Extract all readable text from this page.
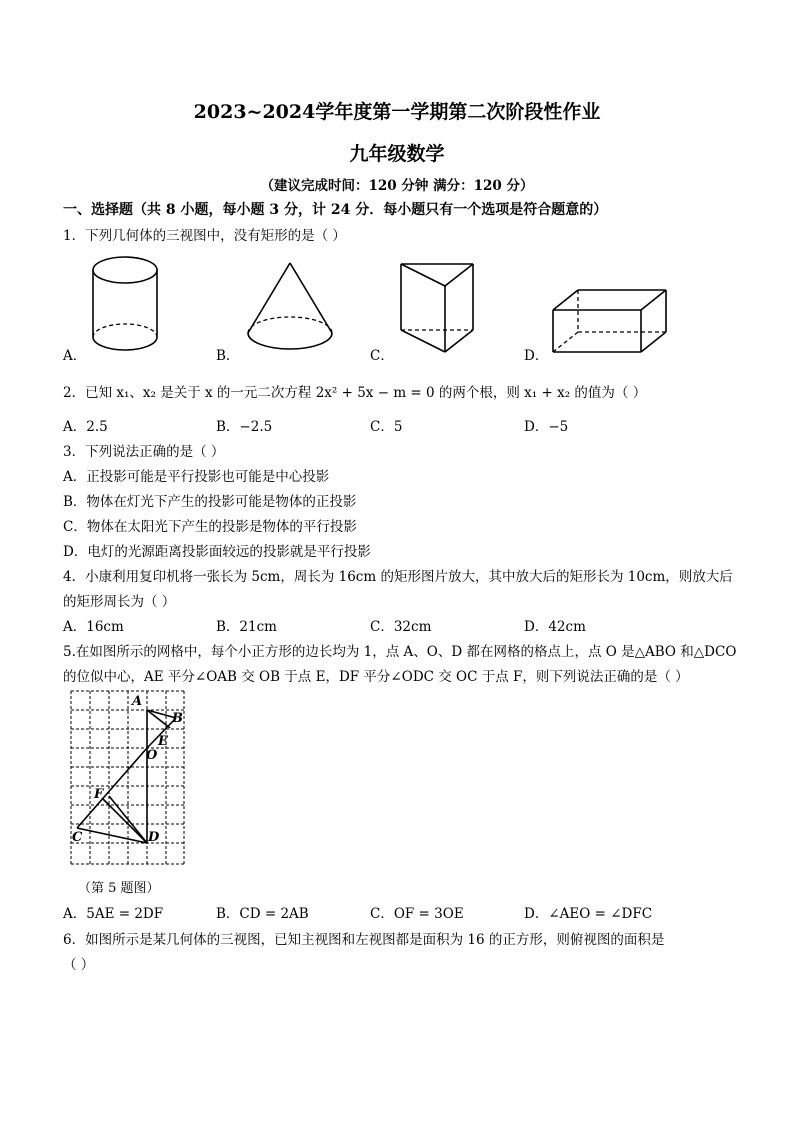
2023~2024学年度第一学期第二次阶段性作业
九年级数学
（建议完成时间：120 分钟 满分：120 分）
一、选择题（共 8 小题，每小题 3 分，计 24 分．每小题只有一个选项是符合题意的）
1．下列几何体的三视图中，没有矩形的是（ ）
A．	B．	C．	D．
2．已知 x₁、x₂ 是关于 x 的一元二次方程 2x² + 5x − m = 0 的两个根，则 x₁ + x₂ 的值为（ ）
A．2.5	B．−2.5	C．5	D．−5
3．下列说法正确的是（ ）
A．正投影可能是平行投影也可能是中心投影
B．物体在灯光下产生的投影可能是物体的正投影
C．物体在太阳光下产生的投影是物体的平行投影
D．电灯的光源距离投影面较远的投影就是平行投影
4．小康利用复印机将一张长为 5cm，周长为 16cm 的矩形图片放大，其中放大后的矩形长为 10cm，则放大后
的矩形周长为（ ）
A．16cm	B．21cm	C．32cm	D．42cm
5.在如图所示的网格中，每个小正方形的边长均为 1，点 A、O、D 都在网格的格点上，点 O 是△ABO 和△DCO
的位似中心，AE 平分∠OAB 交 OB 于点 E，DF 平分∠ODC 交 OC 于点 F，则下列说法正确的是（ ）
A
B
E
O
F
C	D
（第 5 题图）
A．5AE = 2DF	B．CD = 2AB	C．OF = 3OE	D．∠AEO = ∠DFC
6．如图所示是某几何体的三视图，已知主视图和左视图都是面积为 16 的正方形，则俯视图的面积是
（ ）
